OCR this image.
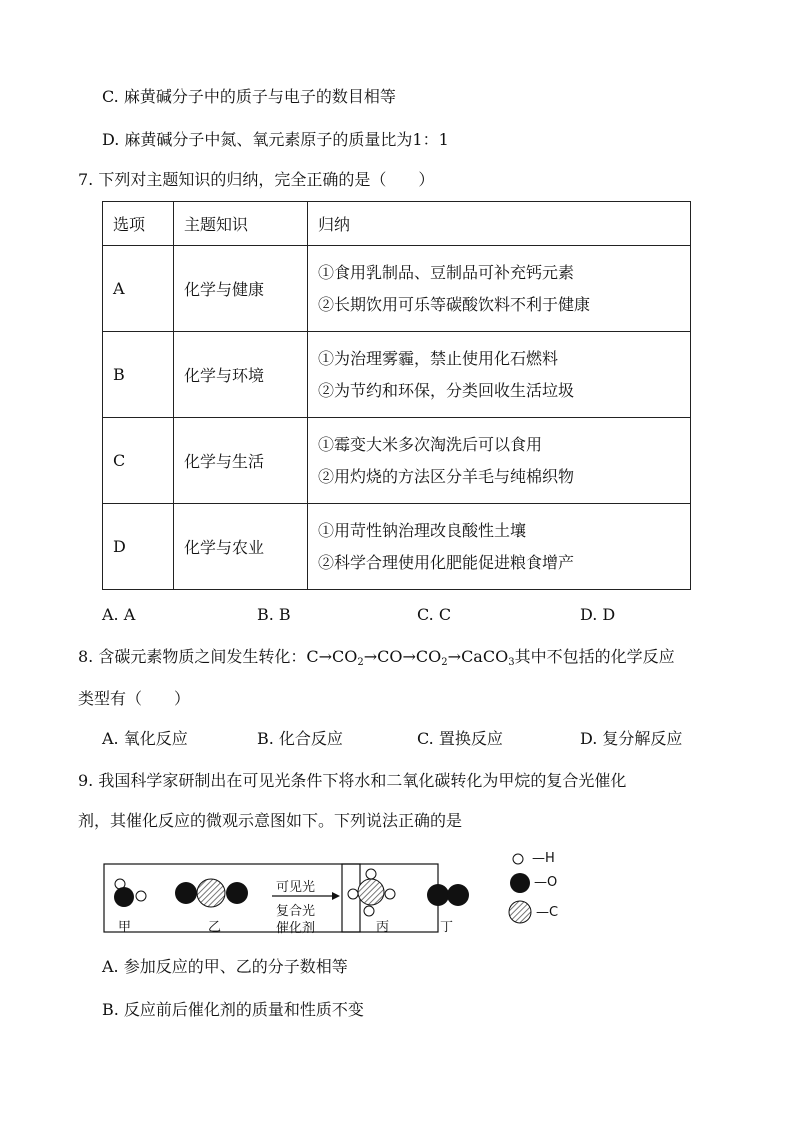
C. 麻黄碱分子中的质子与电子的数目相等
D. 麻黄碱分子中氮、氧元素原子的质量比为1：1
7. 下列对主题知识的归纳，完全正确的是（　　）
选项	主题知识	归纳
A	化学与健康	①食用乳制品、豆制品可补充钙元素
②长期饮用可乐等碳酸饮料不利于健康

B	化学与环境	①为治理雾霾，禁止使用化石燃料
②为节约和环保，分类回收生活垃圾

C	化学与生活	①霉变大米多次淘洗后可以食用
②用灼烧的方法区分羊毛与纯棉织物

D	化学与农业	①用苛性钠治理改良酸性土壤
②科学合理使用化肥能促进粮食增产
A. A	B. B	C. C	D. D
8. 含碳元素物质之间发生转化：$C\to CO_2\to CO\to CO_2\to CaCO_3$其中不包括的化学反应
类型有（　　）
A. 氧化反应	B. 化合反应	C. 置换反应	D. 复分解反应
9. 我国科学家研制出在可见光条件下将水和二氧化碳转化为甲烷的复合光催化
剂，其催化反应的微观示意图如下。下列说法正确的是
甲	乙	丙	丁
可见光
复合光
催化剂
—H
—O
—C
A. 参加反应的甲、乙的分子数相等
B. 反应前后催化剂的质量和性质不变
